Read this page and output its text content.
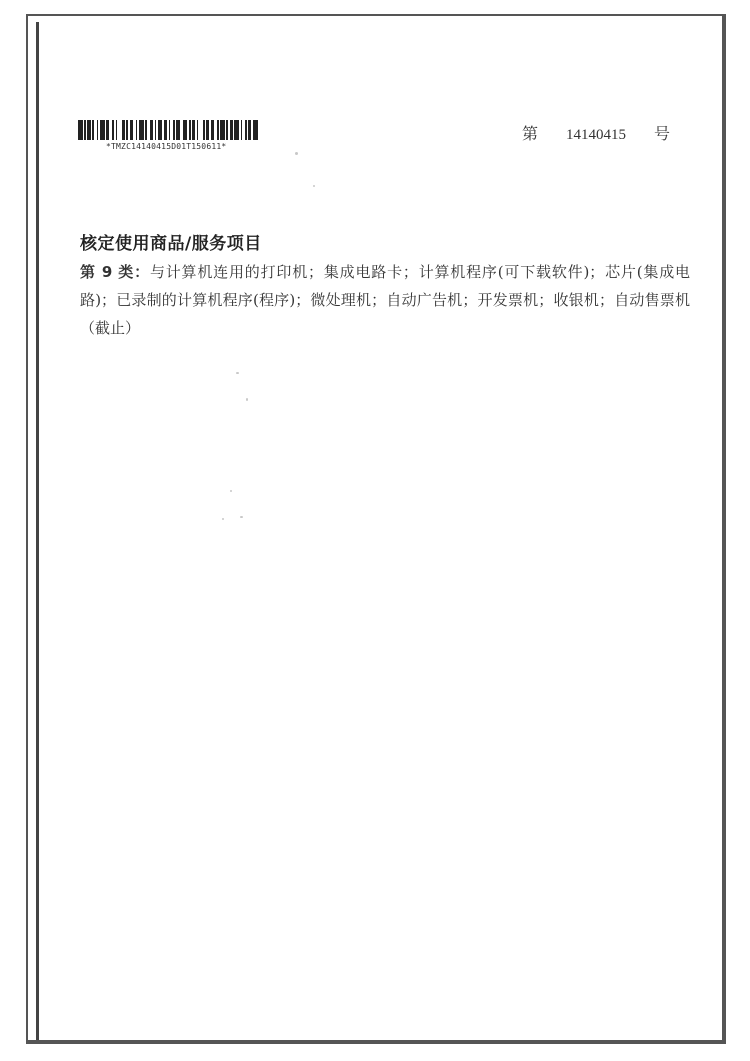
*TMZC14140415D01T150611*
第 14140415 号
核定使用商品/服务项目
第 9 类：与计算机连用的打印机；集成电路卡；计算机程序(可下载软件)；芯片(集成电路)；已录制的计算机程序(程序)；微处理机；自动广告机；开发票机；收银机；自动售票机（截止）
